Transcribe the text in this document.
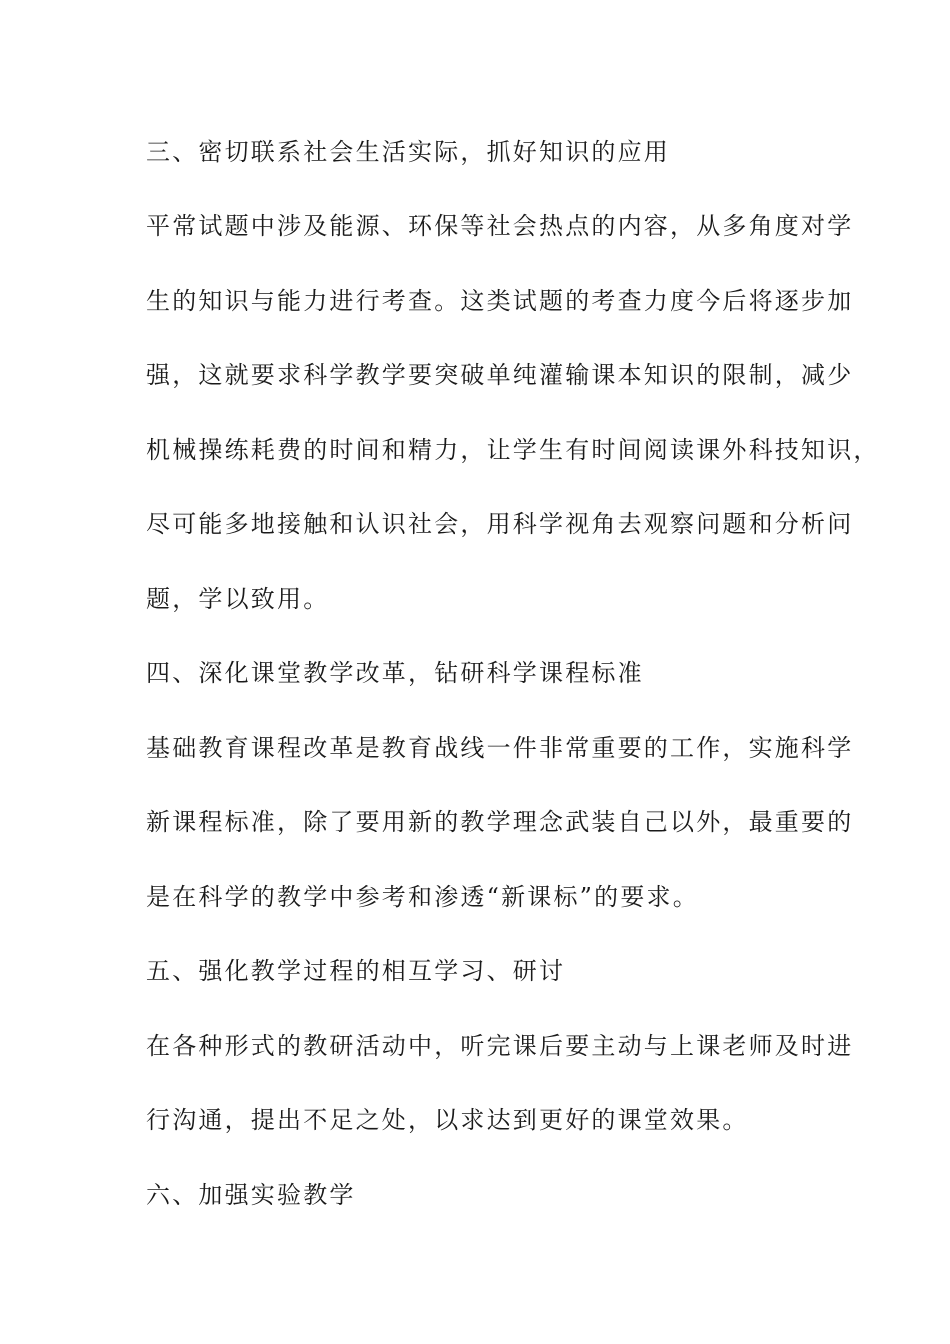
三、密切联系社会生活实际，抓好知识的应用
平常试题中涉及能源、环保等社会热点的内容，从多角度对学
生的知识与能力进行考查。这类试题的考查力度今后将逐步加
强，这就要求科学教学要突破单纯灌输课本知识的限制，减少
机械操练耗费的时间和精力，让学生有时间阅读课外科技知识，
尽可能多地接触和认识社会，用科学视角去观察问题和分析问
题，学以致用。
四、深化课堂教学改革，钻研科学课程标准
基础教育课程改革是教育战线一件非常重要的工作，实施科学
新课程标准，除了要用新的教学理念武装自己以外，最重要的
是在科学的教学中参考和渗透“新课标”的要求。
五、强化教学过程的相互学习、研讨
在各种形式的教研活动中，听完课后要主动与上课老师及时进
行沟通，提出不足之处，以求达到更好的课堂效果。
六、加强实验教学
